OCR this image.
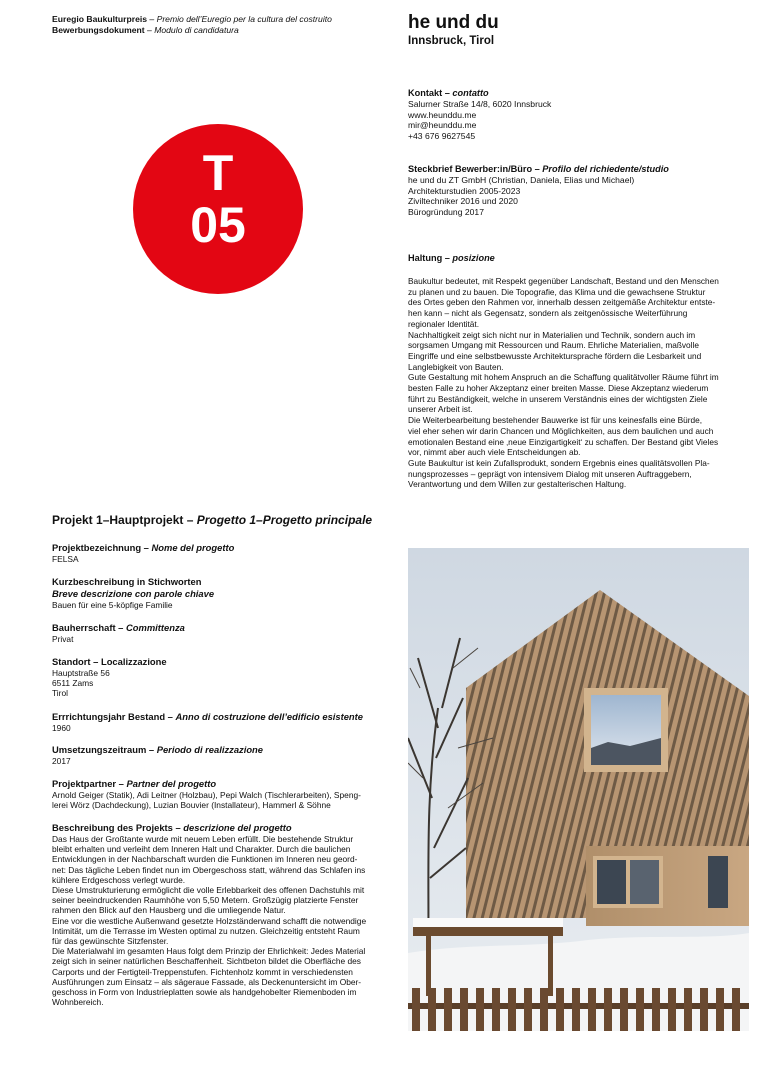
Euregio Baukulturpreis – Premio dell’Euregio per la cultura del costruito
Bewerbungsdokument – Modulo di candidatura	he und du
Innsbruck, Tirol
T
05
Kontakt – contatto
Salurner Straße 14/8, 6020 Innsbruck
www.heunddu.me
mir@heunddu.me
+43 676 9627545
Steckbrief Bewerber:in/Büro – Profilo del richiedente/studio
he und du ZT GmbH (Christian, Daniela, Elias und Michael)
Architekturstudien 2005-2023
Ziviltechniker 2016 und 2020
Bürogründung 2017
Haltung – posizione
Baukultur bedeutet, mit Respekt gegenüber Landschaft, Bestand und den Menschen
zu planen und zu bauen. Die Topografie, das Klima und die gewachsene Struktur
des Ortes geben den Rahmen vor, innerhalb dessen zeitgemäße Architektur entste-
hen kann – nicht als Gegensatz, sondern als zeitgenössische Weiterführung
regionaler Identität.
Nachhaltigkeit zeigt sich nicht nur in Materialien und Technik, sondern auch im
sorgsamen Umgang mit Ressourcen und Raum. Ehrliche Materialien, maßvolle
Eingriffe und eine selbstbewusste Architektursprache fördern die Lesbarkeit und
Langlebigkeit von Bauten.
Gute Gestaltung mit hohem Anspruch an die Schaffung qualitätvoller Räume führt im
besten Falle zu hoher Akzeptanz einer breiten Masse. Diese Akzeptanz wiederum
führt zu Beständigkeit, welche in unserem Verständnis eines der wichtigsten Ziele
unserer Arbeit ist.
Die Weiterbearbeitung bestehender Bauwerke ist für uns keinesfalls eine Bürde,
viel eher sehen wir darin Chancen und Möglichkeiten, aus dem baulichen und auch
emotionalen Bestand eine ‚neue Einzigartigkeit‘ zu schaffen. Der Bestand gibt Vieles
vor, nimmt aber auch viele Entscheidungen ab.
Gute Baukultur ist kein Zufallsprodukt, sondern Ergebnis eines qualitätsvollen Pla-
nungsprozesses – geprägt von intensivem Dialog mit unseren Auftraggebern,
Verantwortung und dem Willen zur gestalterischen Haltung.
Projekt 1–Hauptprojekt – Progetto 1–Progetto principale
Projektbezeichnung – Nome del progetto
FELSA
Kurzbeschreibung in Stichworten
Breve descrizione con parole chiave
Bauen für eine 5-köpfige Familie
Bauherrschaft – Committenza
Privat
Standort – Localizzazione
Hauptstraße 56
6511 Zams
Tirol
Errrichtungsjahr Bestand – Anno di costruzione dell’edificio esistente
1960
Umsetzungszeitraum – Periodo di realizzazione
2017
Projektpartner – Partner del progetto
Arnold Geiger (Statik), Adi Leitner (Holzbau), Pepi Walch (Tischlerarbeiten), Speng-
lerei Wörz (Dachdeckung), Luzian Bouvier (Installateur), Hammerl & Söhne
Beschreibung des Projekts – descrizione del progetto
Das Haus der Großtante wurde mit neuem Leben erfüllt. Die bestehende Struktur
bleibt erhalten und verleiht dem Inneren Halt und Charakter. Durch die baulichen
Entwicklungen in der Nachbarschaft wurden die Funktionen im Inneren neu geord-
net: Das tägliche Leben findet nun im Obergeschoss statt, während das Schlafen ins
kühlere Erdgeschoss verlegt wurde.
Diese Umstrukturierung ermöglicht die volle Erlebbarkeit des offenen Dachstuhls mit
seiner beeindruckenden Raumhöhe von 5,50 Metern. Großzügig platzierte Fenster
rahmen den Blick auf den Hausberg und die umliegende Natur.
Eine vor die westliche Außenwand gesetzte Holzständerwand schafft die notwendige
Intimität, um die Terrasse im Westen optimal zu nutzen. Gleichzeitig entsteht Raum
für das gewünschte Sitzfenster.
Die Materialwahl im gesamten Haus folgt dem Prinzip der Ehrlichkeit: Jedes Material
zeigt sich in seiner natürlichen Beschaffenheit. Sichtbeton bildet die Oberfläche des
Carports und der Fertigteil-Treppenstufen. Fichtenholz kommt in verschiedensten
Ausführungen zum Einsatz – als sägeraue Fassade, als Deckenuntersicht im Ober-
geschoss in Form von Industrieplatten sowie als handgehobelter Riemenboden im
Wohnbereich.
